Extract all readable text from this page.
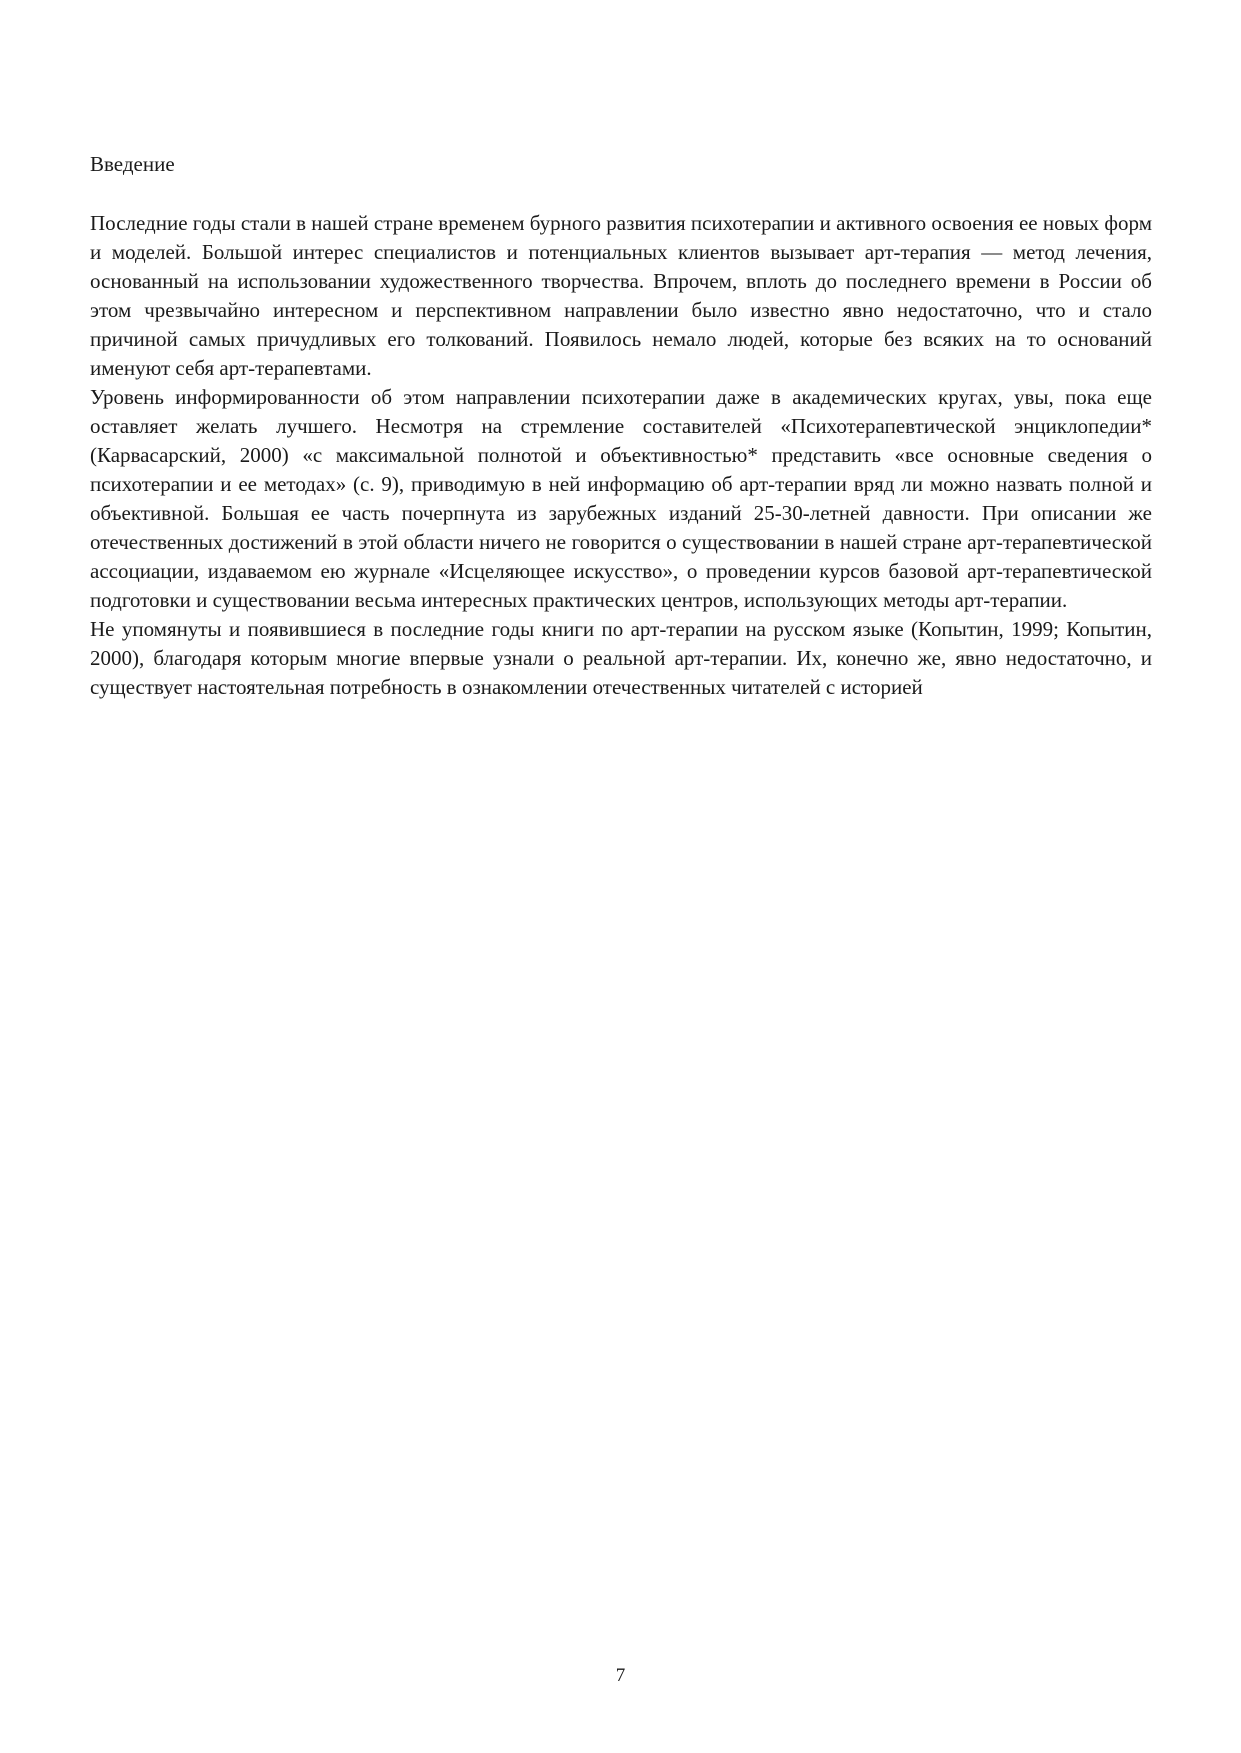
Введение

Последние годы стали в нашей стране временем бурного развития психотерапии и активного освоения ее новых форм и моделей. Большой интерес специалистов и потенциальных клиентов вызывает арт-терапия — метод лечения, основанный на использовании художественного творчества. Впрочем, вплоть до последнего времени в России об этом чрезвычайно интересном и перспективном направлении было известно явно недостаточно, что и стало причиной самых причудливых его толкований. Появилось немало людей, которые без всяких на то оснований именуют себя арт-терапевтами.

Уровень информированности об этом направлении психотерапии даже в академических кругах, увы, пока еще оставляет желать лучшего. Несмотря на стремление составителей «Психотерапевтической энциклопедии* (Карвасарский, 2000) «с максимальной полнотой и объективностью* представить «все основные сведения о психотерапии и ее методах» (с. 9), приводимую в ней информацию об арт-терапии вряд ли можно назвать полной и объективной. Большая ее часть почерпнута из зарубежных изданий 25-30-летней давности. При описании же отечественных достижений в этой области ничего не говорится о существовании в нашей стране арт-терапевтической ассоциации, издаваемом ею журнале «Исцеляющее искусство», о проведении курсов базовой арт-терапевтической подготовки и существовании весьма интересных практических центров, использующих методы арт-терапии.

Не упомянуты и появившиеся в последние годы книги по арт-терапии на русском языке (Копытин, 1999; Копытин, 2000), благодаря которым многие впервые узнали о реальной арт-терапии. Их, конечно же, явно недостаточно, и существует настоятельная потребность в ознакомлении отечественных читателей с историей

7
